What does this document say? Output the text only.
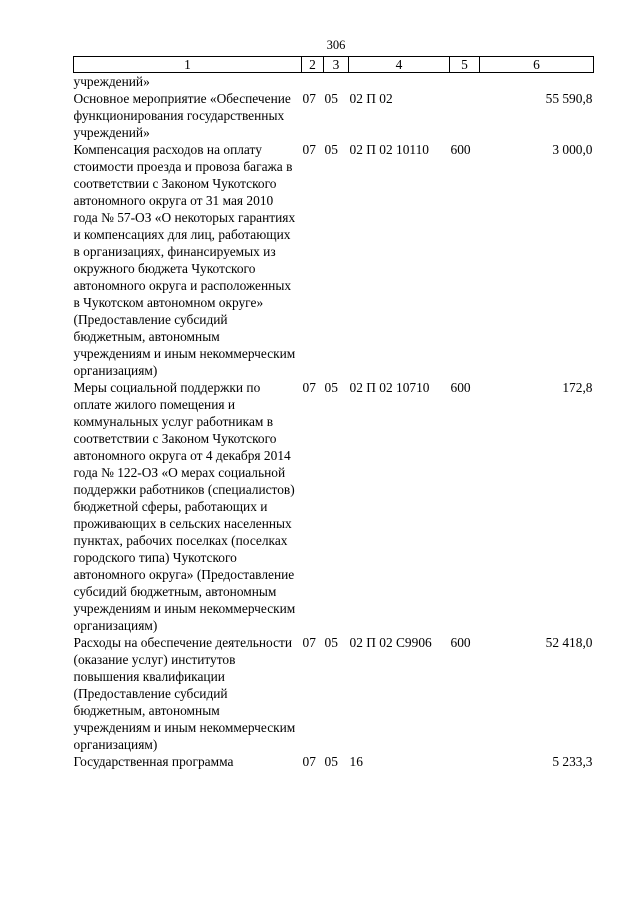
306
1	2	3	4	5	6
учреждений»					
Основное мероприятие «Обеспечение функционирования государственных учреждений»	07	05	02 П 02		55 590,8
Компенсация расходов на оплату стоимости проезда и провоза багажа в соответствии с Законом Чукотского автономного округа от 31 мая 2010 года № 57-ОЗ «О некоторых гарантиях и компенсациях для лиц, работающих в организациях, финансируемых из окружного бюджета Чукотского автономного округа и расположенных в Чукотском автономном округе» (Предоставление субсидий бюджетным, автономным учреждениям и иным некоммерческим организациям)	07	05	02 П 02 10110	600	3 000,0
Меры социальной поддержки по оплате жилого помещения и коммунальных услуг работникам в соответствии с Законом Чукотского автономного округа от 4 декабря 2014 года № 122-ОЗ «О мерах социальной поддержки работников (специалистов) бюджетной сферы, работающих и проживающих в сельских населенных пунктах, рабочих поселках (поселках городского типа) Чукотского автономного округа» (Предоставление субсидий бюджетным, автономным учреждениям и иным некоммерческим организациям)	07	05	02 П 02 10710	600	172,8
Расходы на обеспечение деятельности (оказание услуг) институтов повышения квалификации (Предоставление субсидий бюджетным, автономным учреждениям и иным некоммерческим организациям)	07	05	02 П 02 С9906	600	52 418,0
Государственная программа	07	05	16		5 233,3
